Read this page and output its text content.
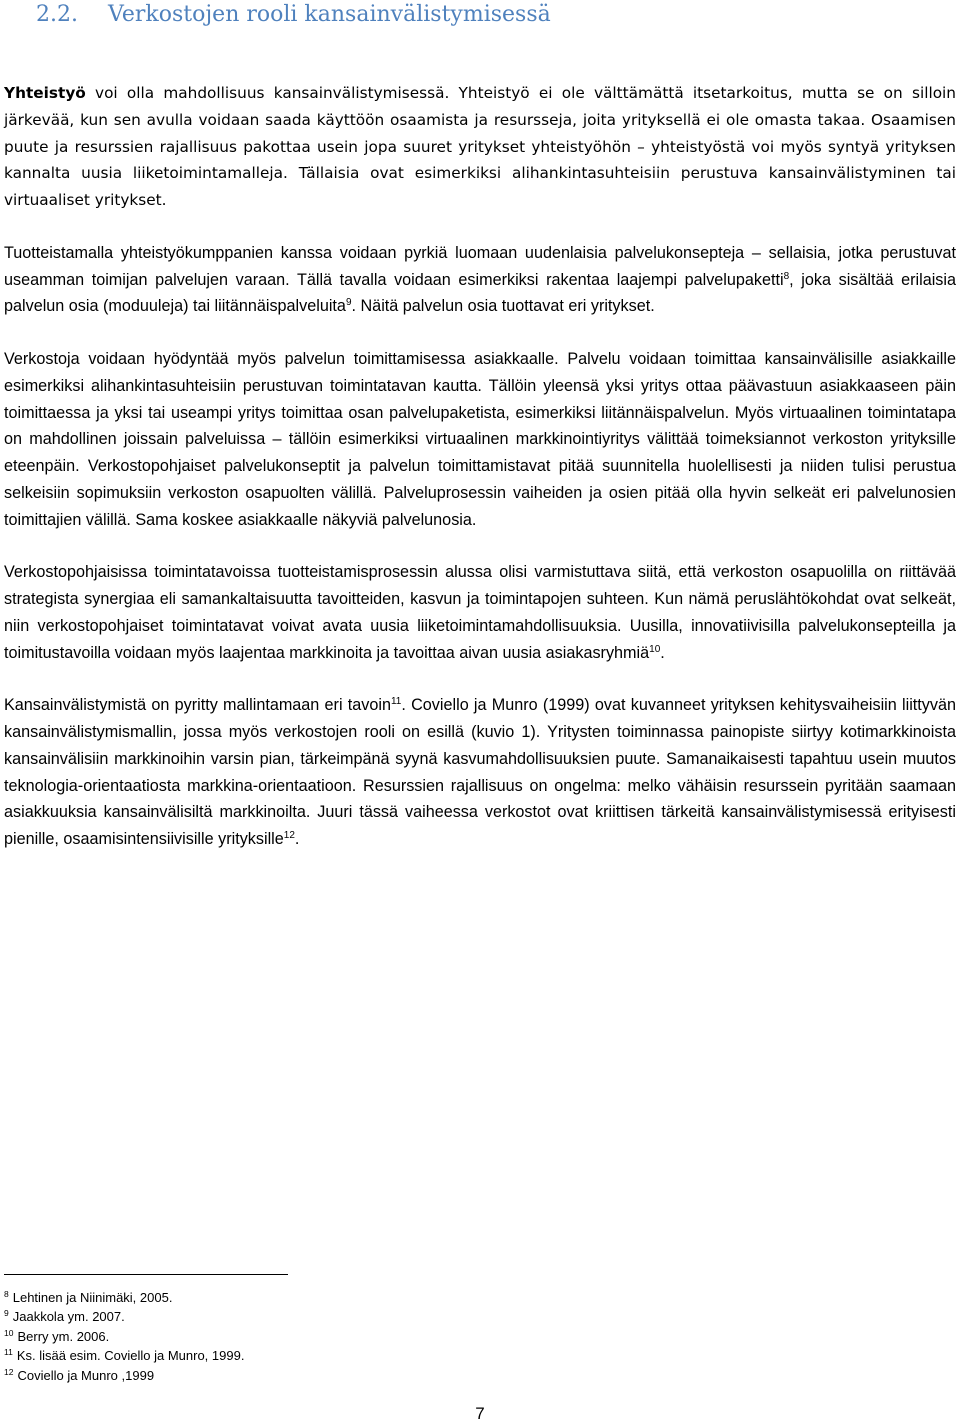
2.2. Verkostojen rooli kansainvälistymisessä

Yhteistyö voi olla mahdollisuus kansainvälistymisessä. Yhteistyö ei ole välttämättä itsetarkoitus, mutta se on silloin järkevää, kun sen avulla voidaan saada käyttöön osaamista ja resursseja, joita yrityksellä ei ole omasta takaa. Osaamisen puute ja resurssien rajallisuus pakottaa usein jopa suuret yritykset yhteistyöhön – yhteistyöstä voi myös syntyä yrityksen kannalta uusia liiketoimintamalleja. Tällaisia ovat esimerkiksi alihankintasuhteisiin perustuva kansainvälistyminen tai virtuaaliset yritykset.

Tuotteistamalla yhteistyökumppanien kanssa voidaan pyrkiä luomaan uudenlaisia palvelukonsepteja – sellaisia, jotka perustuvat useamman toimijan palvelujen varaan. Tällä tavalla voidaan esimerkiksi rakentaa laajempi palvelupaketti$^8$, joka sisältää erilaisia palvelun osia (moduuleja) tai liitännäispalveluita$^9$. Näitä palvelun osia tuottavat eri yritykset.

Verkostoja voidaan hyödyntää myös palvelun toimittamisessa asiakkaalle. Palvelu voidaan toimittaa kansainvälisille asiakkaille esimerkiksi alihankintasuhteisiin perustuvan toimintatavan kautta. Tällöin yleensä yksi yritys ottaa päävastuun asiakkaaseen päin toimittaessa ja yksi tai useampi yritys toimittaa osan palvelupaketista, esimerkiksi liitännäispalvelun. Myös virtuaalinen toimintatapa on mahdollinen joissain palveluissa – tällöin esimerkiksi virtuaalinen markkinointiyritys välittää toimeksiannot verkoston yrityksille eteenpäin. Verkostopohjaiset palvelukonseptit ja palvelun toimittamistavat pitää suunnitella huolellisesti ja niiden tulisi perustua selkeisiin sopimuksiin verkoston osapuolten välillä. Palveluprosessin vaiheiden ja osien pitää olla hyvin selkeät eri palvelunosien toimittajien välillä. Sama koskee asiakkaalle näkyviä palvelunosia.

Verkostopohjaisissa toimintatavoissa tuotteistamisprosessin alussa olisi varmistuttava siitä, että verkoston osapuolilla on riittävää strategista synergiaa eli samankaltaisuutta tavoitteiden, kasvun ja toimintapojen suhteen. Kun nämä peruslähtökohdat ovat selkeät, niin verkostopohjaiset toimintatavat voivat avata uusia liiketoimintamahdollisuuksia. Uusilla, innovatiivisilla palvelukonsepteilla ja toimitustavoilla voidaan myös laajentaa markkinoita ja tavoittaa aivan uusia asiakasryhmiä$^{10}$.

Kansainvälistymistä on pyritty mallintamaan eri tavoin$^{11}$. Coviello ja Munro (1999) ovat kuvanneet yrityksen kehitysvaiheisiin liittyvän kansainvälistymismallin, jossa myös verkostojen rooli on esillä (kuvio 1). Yritysten toiminnassa painopiste siirtyy kotimarkkinoista kansainvälisiin markkinoihin varsin pian, tärkeimpänä syynä kasvumahdollisuuksien puute. Samanaikaisesti tapahtuu usein muutos teknologia-orientaatiosta markkina-orientaatioon. Resurssien rajallisuus on ongelma: melko vähäisin resurssein pyritään saamaan asiakkuuksia kansainvälisiltä markkinoilta. Juuri tässä vaiheessa verkostot ovat kriittisen tärkeitä kansainvälistymisessä erityisesti pienille, osaamisintensiivisille yrityksille$^{12}$.

$^8$ Lehtinen ja Niinimäki, 2005.
$^9$ Jaakkola ym. 2007.
$^{10}$ Berry ym. 2006.
$^{11}$ Ks. lisää esim. Coviello ja Munro, 1999.
$^{12}$ Coviello ja Munro ,1999
7
